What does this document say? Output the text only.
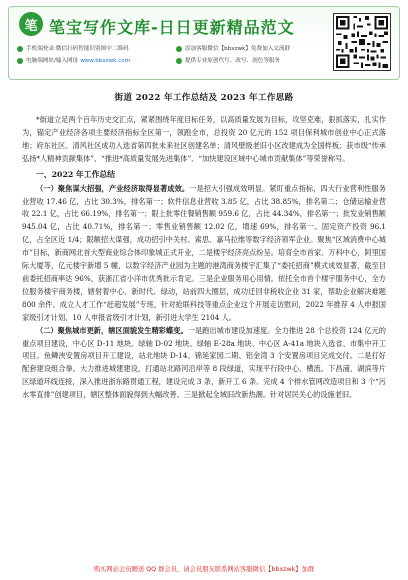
笔 笔宝写作文库-日日更新精品范文
手机端登录:微信扫码智能识别图中二维码	添加客服微信【bbxzwk】免费加入交流群
电脑端网址/输入网址 www.bbxzwk.com	提供专业原创代写、改写、润色等服务
街道 2022 年工作总结及 2023 年工作思路

*街道立足两个百年历史交汇点，紧紧围绕年度目标任务，以高质量发展为目标，攻坚克难，狠抓落实，扎实作为，锚定产业经济各项主要经济指标全区第一，领跑全市，总投资 20 亿元的 152 项目保利城市创业中心正式落地；府东社区、清风社区成功入选省第四批未来社区创建名单；清风壁级老旧小区改建成为全国样板；获市级“传承弘扬*人精神贡献集体”、“推进*高质量发展先进集体”、“加快建设区域中心城市贡献集体”等荣誉称号。

一、2022 年工作总结

（一）聚焦谋大招强，产业经济取得显著成效。一是招大引强成效明显。紧盯重点指标，四大行业营利性服务业营收 17.46 亿，占比 30.3%，排名第一；软件信息业营收 3.85 亿，占比 38.85%，排名第二；仓储运输业营收 22.1 亿，占比 66.19%，排名第一；限上批零住餐销售额 959.6 亿，占比 44.34%，排名第一；批发业销售额 945.04 亿，占比 40.71%，排名第一；零售业销售额 12.02 亿，增速 69%，排名第一。固定资产投资 96.1 亿，占全区近 1/4；限额招大谋强，成功招引中关村、索思、嘉马拉维等数字经济领军企业。聚焦“区域消费中心城市”目标，新商网北首大型商业综合体印象城正式开业，二是楼宇经济亮点纷呈。培育全市首家、万科中心，阿里国际大厦等，亿元楼宇新增 5 幢，以数字经济产业园为主题的港湾商务楼宇汇集了“委托招商”模式成效显著，截至目前委托招商率达 96%，获浙江省小洋市优秀批示肯定。三是企业服务用心用情。依托全市首个楼宇服务中心，全方位服务楼宇商务楼，辖射着中心、新时代、绿动，站前四大圈层，成功迁回非税收企业 31 家，帮助企业解决难题 800 余件。成立人才工作“赶超发展”专班，针对抢联科技等重点企业这个开展走访慰问，2022 年推荐 4 人申报国家级引才计划、10 人申报省级引才计划，新引进大学生 2104 人。

（二）聚焦城市更新，辖区面貌发生精彩蝶变。一是跑出城市建设加速度。全力推进 28 个总投资 124 亿元的重点项目建设，中心区 D-11 地块、绿轴 D-02 地块、绿轴 E-28a 地块、中心区 A-41a 地块入选省、市集中开工项目。鱼鳞浃安置房项目开工建设，站北地块 D-14、锦延家园二期、铝金湾 3 个安置房项目完成交付。二是打好配套建设组合拳。大力推进城建建设，打通站北路河沿岸等 8 段绿道，实现平行段中心、横流、下昌浦、湖滨等片区绿道环线连接，深入推进浙东路贯通工程，建设完成 3 条，新开工 6 条。完成 4 个排水管网改造项目和 3 个“污水零直排”创建项目，辖区整体面貌得到大幅改善。三是掀起全域旧改新热潮。针对居民关心的设施老旧、

购买网站会员赠送 QQ 群会员，请会员朋友联系网站客服微信【bbxzwk】加群
